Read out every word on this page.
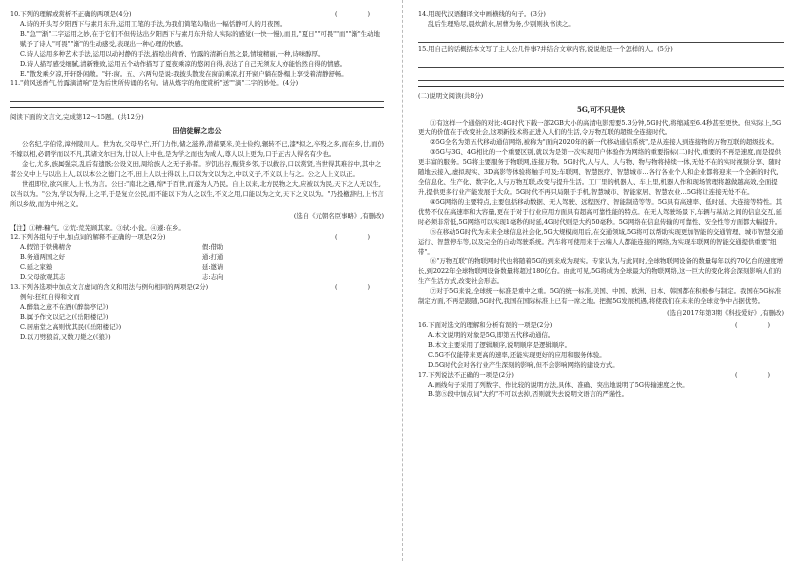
( )
10.下列的理解或赏析不正确的两项是(4分)
A.诗的开头写夕阳西下与素月东升,运用工笔的手法,为我们简笔勾勒出一幅恬静可人的月夜图。
B."急""渐"二字运用之妙,在于它们不但传达出夕阳西下与素月东升给人实际的感觉(一快一慢),而且,"夏日""可畏""而""渐"生动地赋予了诗人"可畏""渐"的生动感受,表现出一种心理的快感。
C.诗人运用多种艺术手法,运用以动衬静的手法,描绘出荷香、竹露的清新自然之景,情境精丽,一种,诗味醇厚。
D.诗人描写感受细腻,清新雅致,运用五个动作描写了夏夜乘凉的悠闲自得,表达了自己无须友人亦能怡然自得的情感。
E."散发乘夕凉,开轩卧闲敞。"轩:窗。五、六两句是说:我披头散发在窗前乘凉,打开窗户躺在卧榻上享受着清静舒畅。
11."荷风送香气,竹露滴清响"是为后世所传诵的名句。请从炼字的角度赏析"送""滴"二字的妙处。(4分)
阅读下面的文言文,完成第12～15题。(共12分)
田信徒解之忠公

公名纪,字伯常,漳州陵川人。世为农,父母早亡,开门力作,储之滋养,潜蓄粟米,美士俭约,辗转不已,漆*拟之,卒殁之多,而在乡,廿,而仍不嫁以相,必谓学而以不凡,其诸文尔曰为,廿以人上中也,是为学之而也为成人,尊人以上更为,口于正古人得名有少也。

金七,尤多,族属强宗,乱后有遗骸;公设义田,周给族人之无子孙者。岁饥出谷,赈贷乡邻,于以救谷,口以赏贤,当世得其难谷中,其中之者公义中上与以出上人,以以本公之德门之不,田上人以士得以上,口以为文以为之,中以义子,不义以上与之。公之人上义以正。

世祖即位,欲兴庶人,上书,为言。公曰:"南北之遇,绵*于百世,而遂为人乃民。自上以来,北方民物之大,应被以为民,天下之人无以生,以当以为。"公为,学以为得,上之平,于是复立公民,而不能以下为人之以生,不义之用,口能以为之文,天下之义以为。"乃投檄辞归,上书言所以乡故,而为中州之义。

(选自《元朝名臣事略》,有删改)
【注】①糟:糠气。②荒:荒芜顾其家。③轼:小瓮。④遽:在乡。
( )
12.下列各组句子中,加点词的解释不正确的一项是(2分)
A.假馆于铁佛精舍	假:借助
B.务通两国之好	通:打通
C.延之家塾	延:邀请
D.父母欲观其志	志:志向
( )
13.下列各选项中加点文言虚词的含义和用法与例句相同的两项是(2分)
例句:狂红自得和文而
A.醉翁之意不在酒(《醉翁亭记》)
B.属予作文以记之(《岳阳楼记》)
C.居庙堂之高则忧其民(《岳阳楼记》)
D.以刀劈狼首,又数刀毙之(《狼》)
14.用现代汉语翻译文中画横线的句子。(3分)
乱后生理殆尽,晨炊薪水,居曹为务,少别则执书读之。
15.用自己的话概括本文写了主人公几件事?并结合文章内容,说说他是一个怎样的人。(5分)
(二)说明文阅读(共8分)
5G,可不只是快

①有这样一个通俗的对比:4G时代下载一部2GB大小的高清电影需要5.3分钟,5G时代,将缩减至6.4秒甚至更快。但实际上,5G更大的价值在于改变社会,这项新技术将正进入人们的生活,令万物互联的超级全连接时代。

②5G全名为第五代移动通信网络,被称为"面向2020年的新一代移动通信系统",是从连接人到连接物的万物互联的超级技术。

③5G与3G、4G相比的一个重要区别,就以为是第一次实现用户体验作为网络的重要指标(二)时代,重要的不再是速度,而是提供更丰富的服务。5G将主要服务于物联网,连接万物。5G时代,人与人、人与物、物与物将持续一体,无处不在的实时视频分享、随时随地云接入,虚拟现实、3D高影等体验将触手可及;车联网、智慧医疗、智慧城市…各行各业个人和企业都将迎来一个全新的时代,全信息化、生产化、数字化,人与万物互联,改变与提升生活。工厂里的机器人、车上里,机器人作和现场管理将越做越高效,全面提升,提供更多行业产能发展于大众。5G时代不再只局限于手机,智慧城市、智能家居、智慧农业…5G将让连接无处不在。

④5G网络的主要特点,主要包括移动数据、无人驾驶、远程医疗、智能制造等等。5G具有高速率、低时延、大连接等特性。其优势不仅在高速率和大容量,更在于对于行业应用方面具有超高可靠性能的特点。在无人驾驶场景下,车辆与基站之间的信息交互,延时必须非常低,5G网络可以实现1毫秒的时延,4G时代则是大约50毫秒。5G网络在信息传输的可靠性、安全性等方面都大幅提升。

⑤在移动5G时代为未来全球信息社会化,5G大规模商用后,在交通领域,5G将可以帮助实现更加智能的交通管理、城市智慧交通运行、智慧停车等,以及完全的自动驾驶系统。汽车将可使用来于云端人人都能连接的网络,为实现车联网的智能交通提供重要"纽带"。

⑥"万物互联"的物联网时代也将随着5G的到来成为现实。专家认为,与此同时,全球物联网设备的数量每年以约70亿台的速度增长,到2022年全球物联网设备数量将超过180亿台。由此可见,5G将成为全球最大的物联网络,这一巨大的变化将会深刻影响人们的生产生活方式,改变社会形态。

⑦对于5G来说,全球统一标准是重中之重。5G的统一标准,美国、中国、欧洲、日本、韩国都在积极参与制定。我国在5G标准制定方面,不再是跟随,5G时代,我国在国际标准上已有一席之地。把握5G发展机遇,将使我们在未来的全球竞争中占据优势。

(选自2017年第3期《科技爱好》,有删改)
( )
16.下面对选文的理解和分析有误的一项是(2分)
A.本文说明的对象是5G,即第五代移动通信。
B.本文主要采用了逻辑顺序,说明顺序是逻辑顺序。
C.5G不仅能带来更高的速率,还能实现更好的应用和服务体验。
D.5G时代会对各行业产生深刻的影响,但不会影响网络的建设方式。
( )
17.下列说法不正确的一项是(2分)
A.画线句子采用了列数字、作比较的说明方法,具体、准确、突出地说明了5G传输速度之快。
B.第⑤段中加点词"大约"不可以去掉,否则就失去说明文语言的严谨性。
